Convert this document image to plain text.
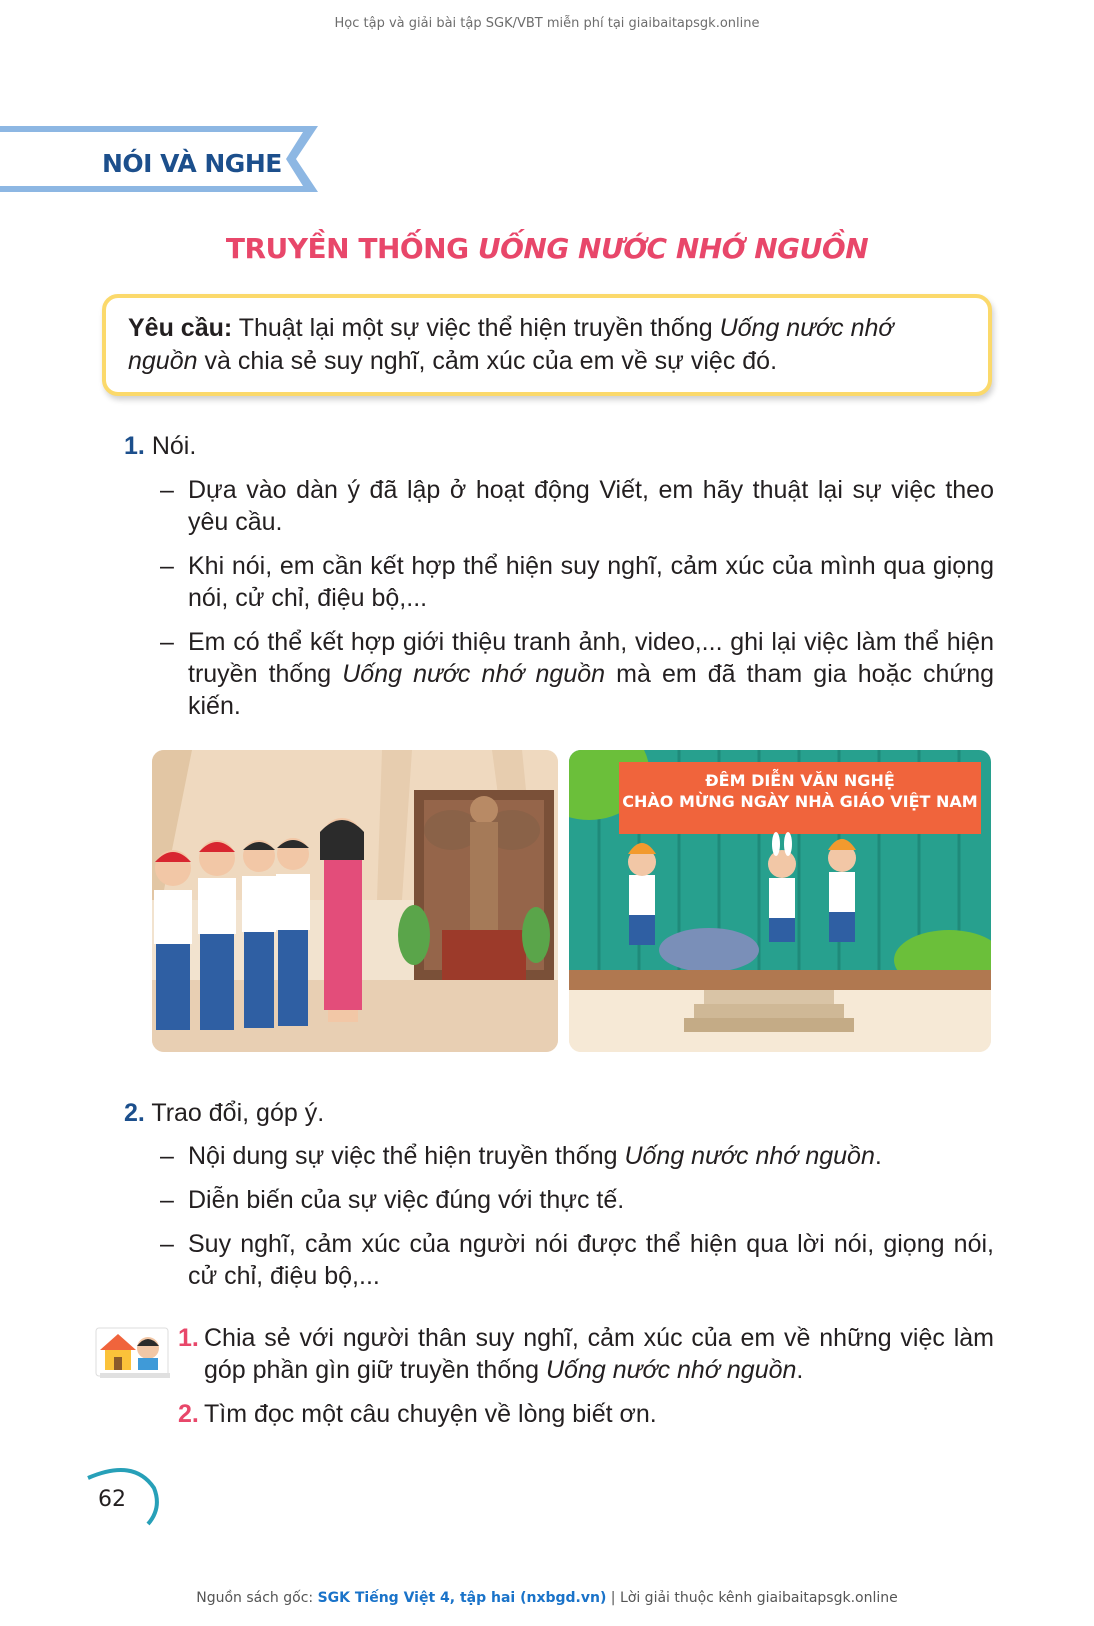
Học tập và giải bài tập SGK/VBT miễn phí tại giaibaitapsgk.online
NÓI VÀ NGHE
TRUYỀN THỐNG UỐNG NƯỚC NHỚ NGUỒN
Yêu cầu: Thuật lại một sự việc thể hiện truyền thống Uống nước nhớ nguồn và chia sẻ suy nghĩ, cảm xúc của em về sự việc đó.
1. Nói.
– Dựa vào dàn ý đã lập ở hoạt động Viết, em hãy thuật lại sự việc theo yêu cầu.
– Khi nói, em cần kết hợp thể hiện suy nghĩ, cảm xúc của mình qua giọng nói, cử chỉ, điệu bộ,...
– Em có thể kết hợp giới thiệu tranh ảnh, video,... ghi lại việc làm thể hiện truyền thống Uống nước nhớ nguồn mà em đã tham gia hoặc chứng kiến.
ĐÊM DIỄN VĂN NGHỆ
CHÀO MỪNG NGÀY NHÀ GIÁO VIỆT NAM
2. Trao đổi, góp ý.
– Nội dung sự việc thể hiện truyền thống Uống nước nhớ nguồn.
– Diễn biến của sự việc đúng với thực tế.
– Suy nghĩ, cảm xúc của người nói được thể hiện qua lời nói, giọng nói, cử chỉ, điệu bộ,...
1. Chia sẻ với người thân suy nghĩ, cảm xúc của em về những việc làm góp phần gìn giữ truyền thống Uống nước nhớ nguồn.
2. Tìm đọc một câu chuyện về lòng biết ơn.
62
Nguồn sách gốc: SGK Tiếng Việt 4, tập hai (nxbgd.vn) | Lời giải thuộc kênh giaibaitapsgk.online
